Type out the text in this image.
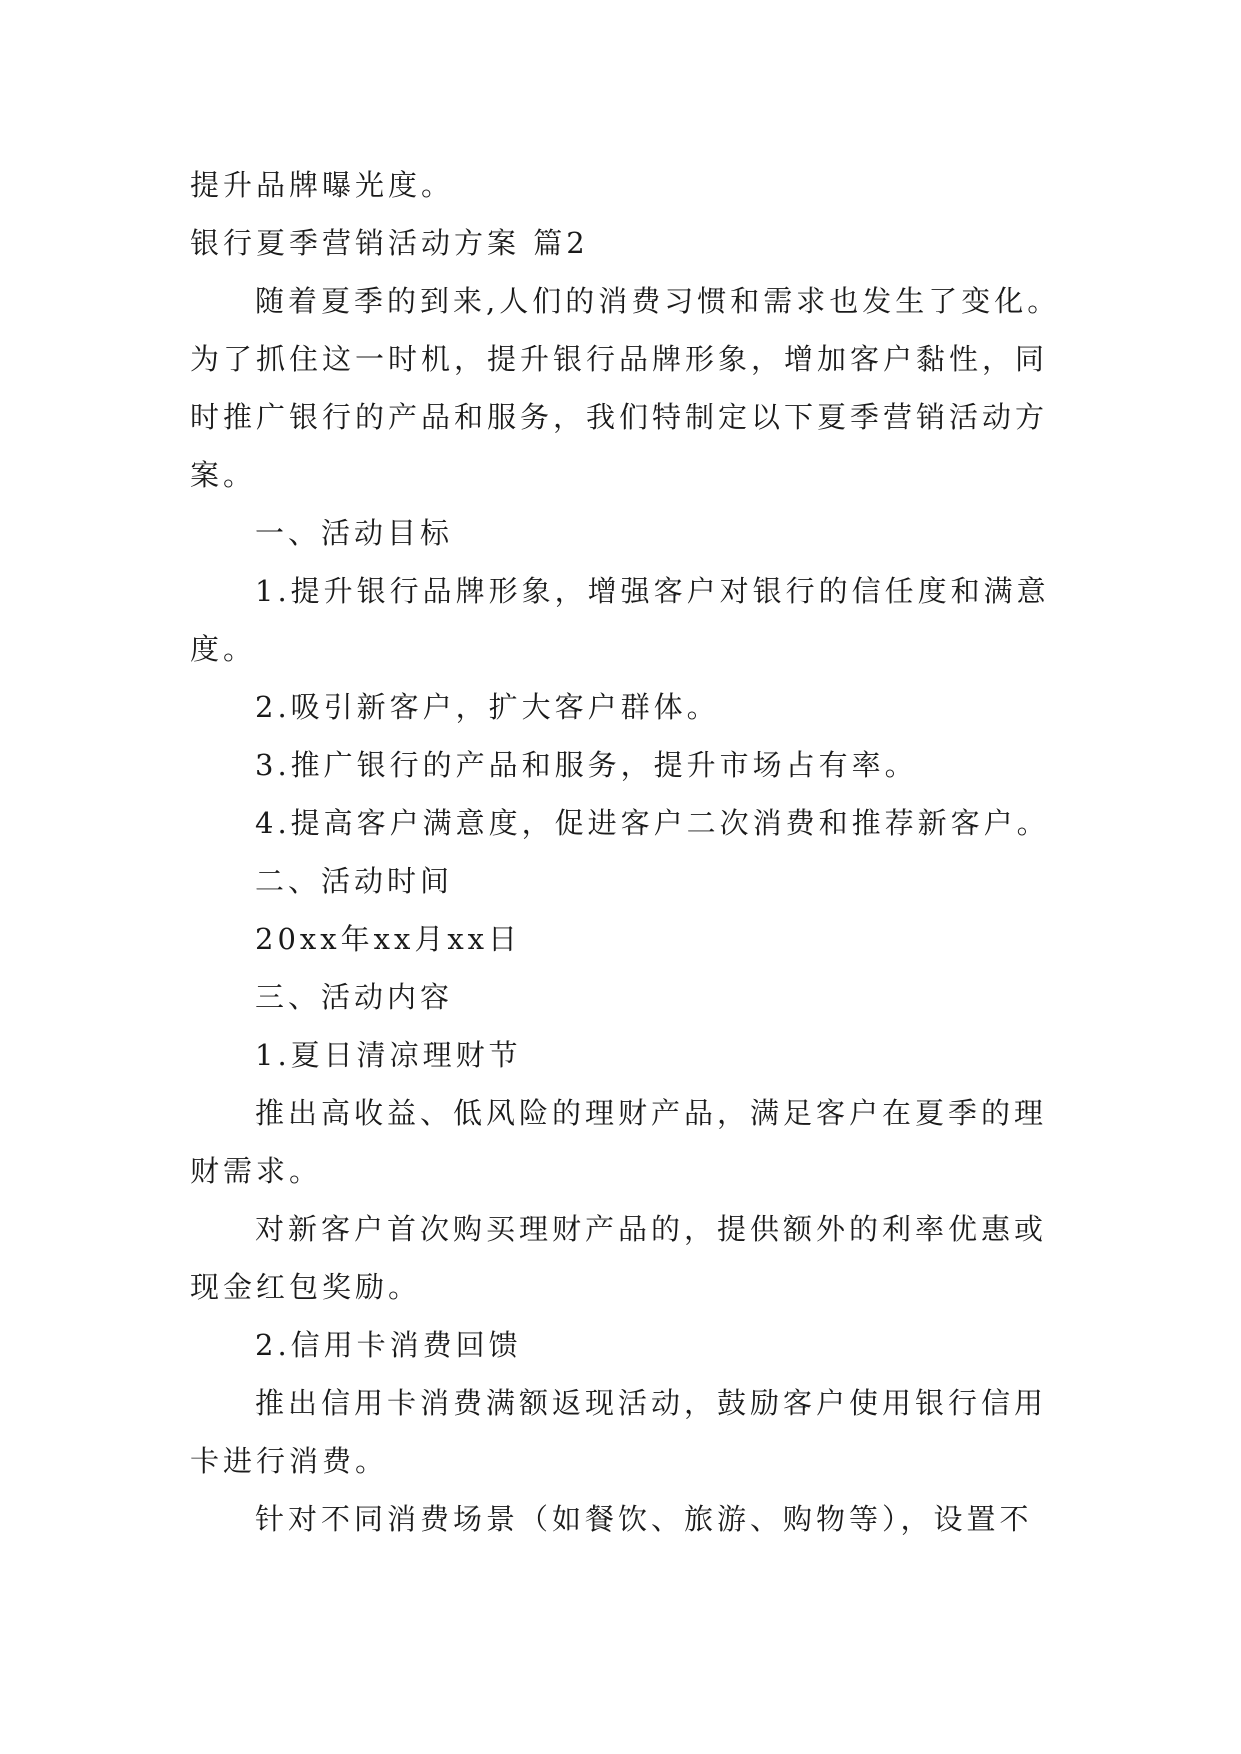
提升品牌曝光度。
银行夏季营销活动方案 篇2
随着夏季的到来,人们的消费习惯和需求也发生了变化。
为了抓住这一时机，提升银行品牌形象，增加客户黏性，同
时推广银行的产品和服务，我们特制定以下夏季营销活动方
案。
一、活动目标
1.提升银行品牌形象，增强客户对银行的信任度和满意
度。
2.吸引新客户，扩大客户群体。
3.推广银行的产品和服务，提升市场占有率。
4.提高客户满意度，促进客户二次消费和推荐新客户。
二、活动时间
20xx年xx月xx日
三、活动内容
1.夏日清凉理财节
推出高收益、低风险的理财产品，满足客户在夏季的理
财需求。
对新客户首次购买理财产品的，提供额外的利率优惠或
现金红包奖励。
2.信用卡消费回馈
推出信用卡消费满额返现活动，鼓励客户使用银行信用
卡进行消费。
针对不同消费场景（如餐饮、旅游、购物等），设置不
